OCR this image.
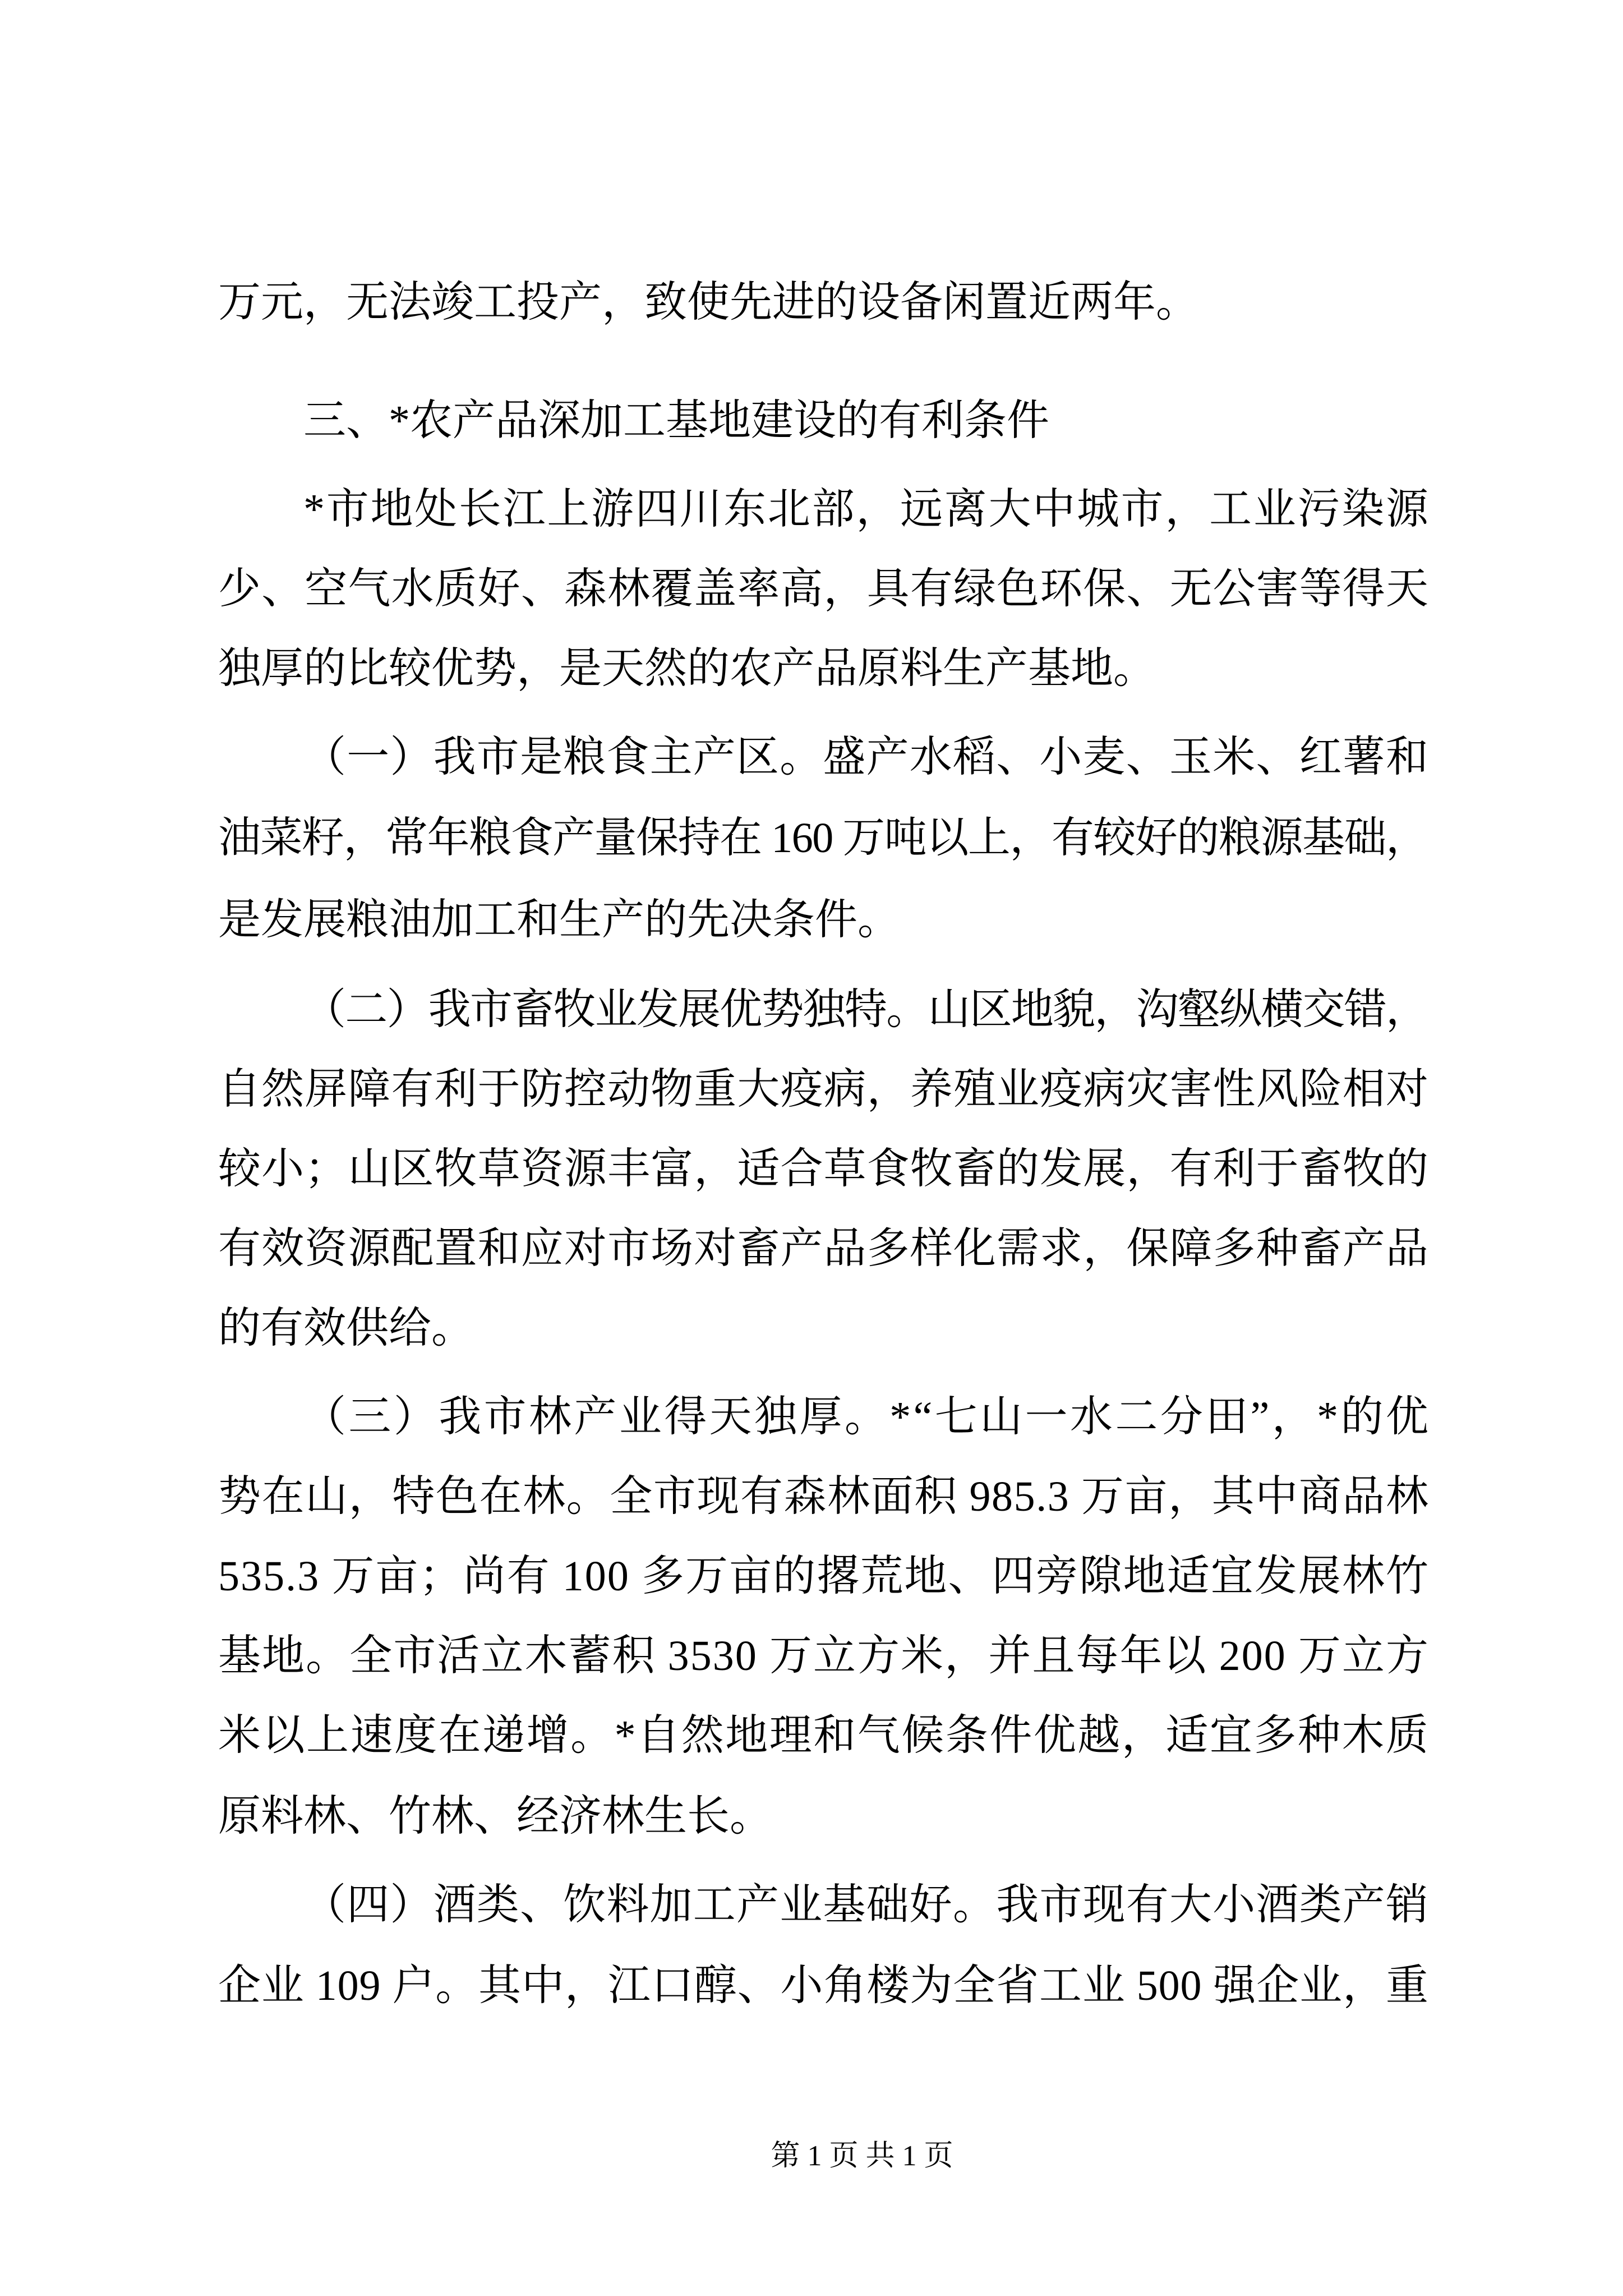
万元，无法竣工投产，致使先进的设备闲置近两年。
三、*农产品深加工基地建设的有利条件
*市地处长江上游四川东北部，远离大中城市，工业污染源
少、空气水质好、森林覆盖率高，具有绿色环保、无公害等得天
独厚的比较优势，是天然的农产品原料生产基地。
（一）我市是粮食主产区。盛产水稻、小麦、玉米、红薯和
油菜籽，常年粮食产量保持在 160 万吨以上，有较好的粮源基础，
是发展粮油加工和生产的先决条件。
（二）我市畜牧业发展优势独特。山区地貌，沟壑纵横交错，
自然屏障有利于防控动物重大疫病，养殖业疫病灾害性风险相对
较小；山区牧草资源丰富，适合草食牧畜的发展，有利于畜牧的
有效资源配置和应对市场对畜产品多样化需求，保障多种畜产品
的有效供给。
（三）我市林产业得天独厚。*“七山一水二分田”，*的优
势在山，特色在林。全市现有森林面积 985.3 万亩，其中商品林
535.3 万亩；尚有 100 多万亩的撂荒地、四旁隙地适宜发展林竹
基地。全市活立木蓄积 3530 万立方米，并且每年以 200 万立方
米以上速度在递增。*自然地理和气候条件优越，适宜多种木质
原料林、竹林、经济林生长。
（四）酒类、饮料加工产业基础好。我市现有大小酒类产销
企业 109 户。其中，江口醇、小角楼为全省工业 500 强企业，重
第 1 页 共 1 页
